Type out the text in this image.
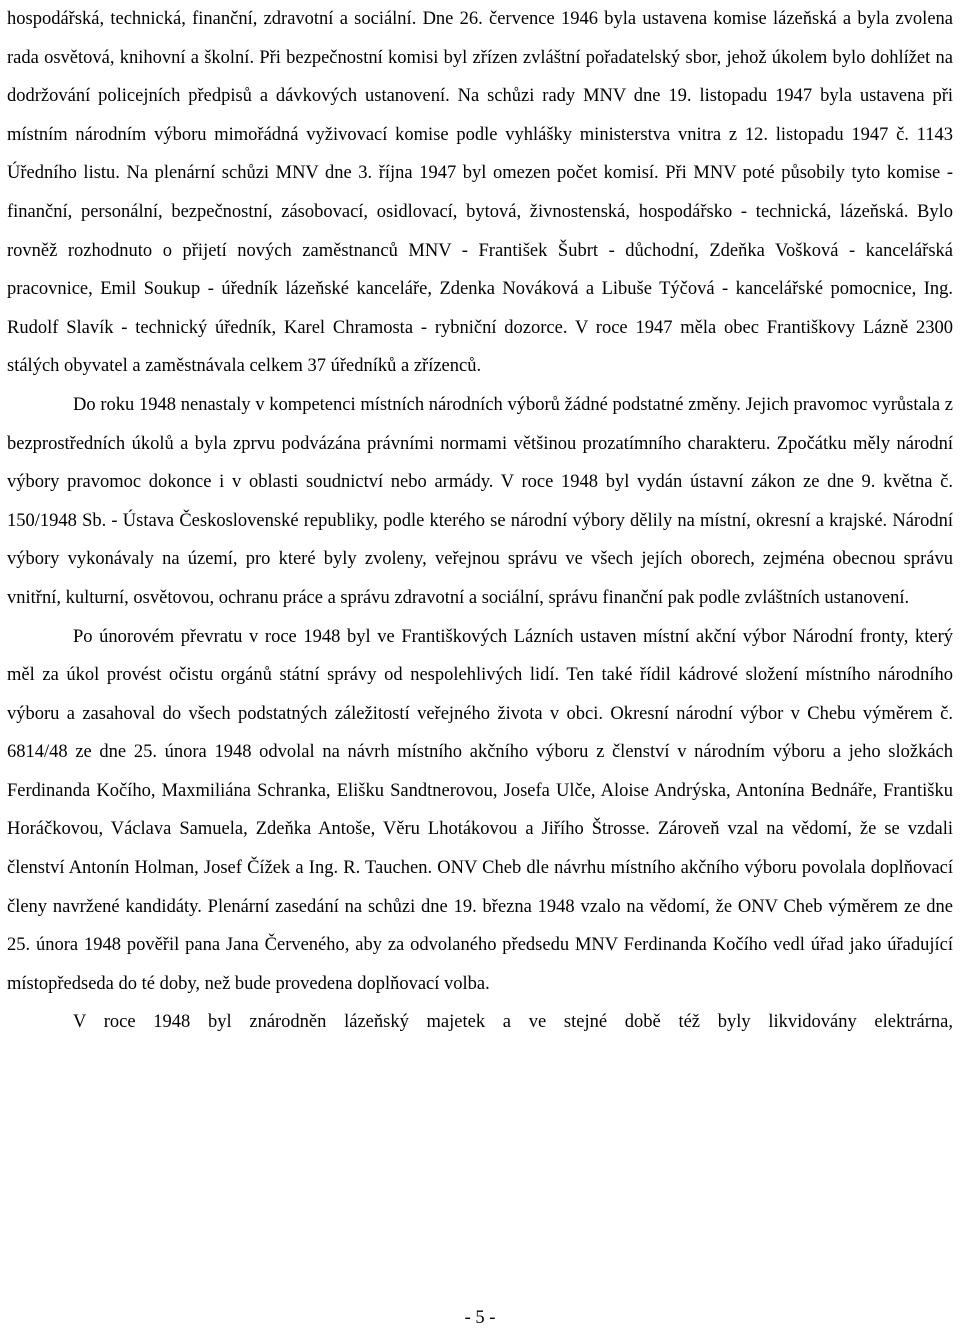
hospodářská, technická, finanční, zdravotní a sociální. Dne 26. července 1946 byla ustavena komise lázeňská a byla zvolena rada osvětová, knihovní a školní. Při bezpečnostní komisi byl zřízen zvláštní pořadatelský sbor, jehož úkolem bylo dohlížet na dodržování policejních předpisů a dávkových ustanovení. Na schůzi rady MNV dne 19. listopadu 1947 byla ustavena při místním národním výboru mimořádná vyživovací komise podle vyhlášky ministerstva vnitra z 12. listopadu 1947 č. 1143 Úředního listu. Na plenární schůzi MNV dne 3. října 1947 byl omezen počet komisí. Při MNV poté působily tyto komise - finanční, personální, bezpečnostní, zásobovací, osidlovací, bytová, živnostenská, hospodářsko - technická, lázeňská. Bylo rovněž rozhodnuto o přijetí nových zaměstnanců MNV - František Šubrt - důchodní, Zdeňka Vošková - kancelářská pracovnice, Emil Soukup - úředník lázeňské kanceláře, Zdenka Nováková a Libuše Týčová - kancelářské pomocnice, Ing. Rudolf Slavík - technický úředník, Karel Chramosta - rybniční dozorce. V roce 1947 měla obec Františkovy Lázně 2300 stálých obyvatel a zaměstnávala celkem 37 úředníků a zřízenců.

Do roku 1948 nenastaly v kompetenci místních národních výborů žádné podstatné změny. Jejich pravomoc vyrůstala z bezprostředních úkolů a byla zprvu podvázána právními normami většinou prozatímního charakteru. Zpočátku měly národní výbory pravomoc dokonce i v oblasti soudnictví nebo armády. V roce 1948 byl vydán ústavní zákon ze dne 9. května č. 150/1948 Sb. - Ústava Československé republiky, podle kterého se národní výbory dělily na místní, okresní a krajské. Národní výbory vykonávaly na území, pro které byly zvoleny, veřejnou správu ve všech jejích oborech, zejména obecnou správu vnitřní, kulturní, osvětovou, ochranu práce a správu zdravotní a sociální, správu finanční pak podle zvláštních ustanovení.

Po únorovém převratu v roce 1948 byl ve Františkových Lázních ustaven místní akční výbor Národní fronty, který měl za úkol provést očistu orgánů státní správy od nespolehlivých lidí. Ten také řídil kádrové složení místního národního výboru a zasahoval do všech podstatných záležitostí veřejného života v obci. Okresní národní výbor v Chebu výměrem č. 6814/48 ze dne 25. února 1948 odvolal na návrh místního akčního výboru z členství v národním výboru a jeho složkách Ferdinanda Kočího, Maxmiliána Schranka, Elišku Sandtnerovou, Josefa Ulče, Aloise Andrýska, Antonína Bednáře, Františku Horáčkovou, Václava Samuela, Zdeňka Antoše, Věru Lhotákovou a Jiřího Štrosse. Zároveň vzal na vědomí, že se vzdali členství Antonín Holman, Josef Čížek a Ing. R. Tauchen. ONV Cheb dle návrhu místního akčního výboru povolala doplňovací členy navržené kandidáty. Plenární zasedání na schůzi dne 19. března 1948 vzalo na vědomí, že ONV Cheb výměrem ze dne 25. února 1948 pověřil pana Jana Červeného, aby za odvolaného předsedu MNV Ferdinanda Kočího vedl úřad jako úřadující místopředseda do té doby, než bude provedena doplňovací volba.

V roce 1948 byl znárodněn lázeňský majetek a ve stejné době též byly likvidovány elektrárna,

- 5 -
